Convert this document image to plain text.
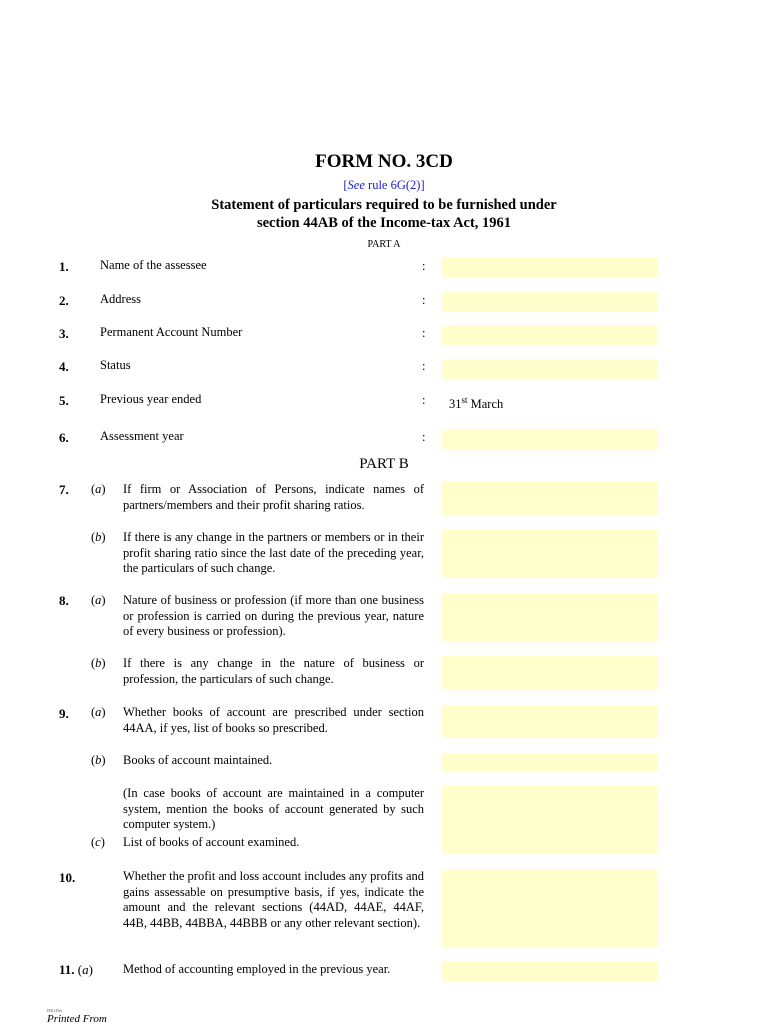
FORM NO. 3CD
[See rule 6G(2)]
Statement of particulars required to be furnished under
section 44AB of the Income-tax Act, 1961
PART A
1.	Name of the assessee	:
2.	Address	:
3.	Permanent Account Number	:
4.	Status	:
5.	Previous year ended	: 31st March
6.	Assessment year	:
PART B
7. (a) If firm or Association of Persons, indicate names of partners/members and their profit sharing ratios.
(b) If there is any change in the partners or members or in their profit sharing ratio since the last date of the preceding year, the particulars of such change.
8. (a) Nature of business or profession (if more than one business or profession is carried on during the previous year, nature of every business or profession).
(b) If there is any change in the nature of business or profession, the particulars of such change.
9. (a) Whether books of account are prescribed under section 44AA, if yes, list of books so prescribed.
(b) Books of account maintained.
(In case books of account are maintained in a computer system, mention the books of account generated by such computer system.)
(c) List of books of account examined.
10.	Whether the profit and loss account includes any profits and gains assessable on presumptive basis, if yes, indicate the amount and the relevant sections (44AD, 44AE, 44AF, 44B, 44BB, 44BBA, 44BBB or any other relevant section).
11. (a) Method of accounting employed in the previous year.
IMG/Dev
Printed From
